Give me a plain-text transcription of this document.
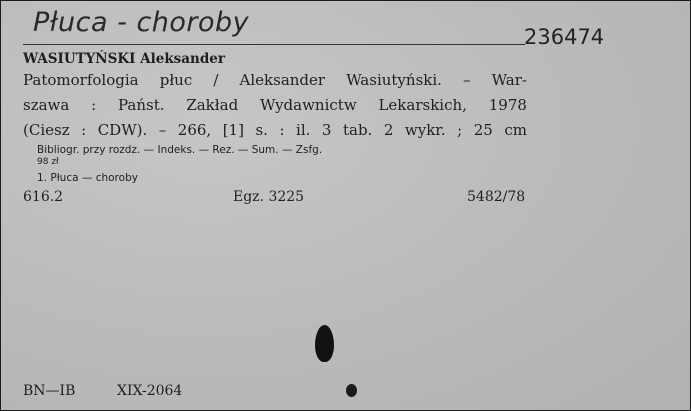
Płuca - choroby	236474
WASIUTYŃSKI Aleksander
Patomorfologia płuc / Aleksander Wasiutyński. – War-
szawa : Państ. Zakład Wydawnictw Lekarskich, 1978
(Ciesz : CDW). – 266, [1] s. : il. 3 tab. 2 wykr. ; 25 cm
Bibliogr. przy rozdz. — Indeks. — Rez. — Sum. — Zsfg.
98 zł
1. Płuca — choroby
616.2	Egz. 3225	5482/78
BN—IB	XIX-2064
